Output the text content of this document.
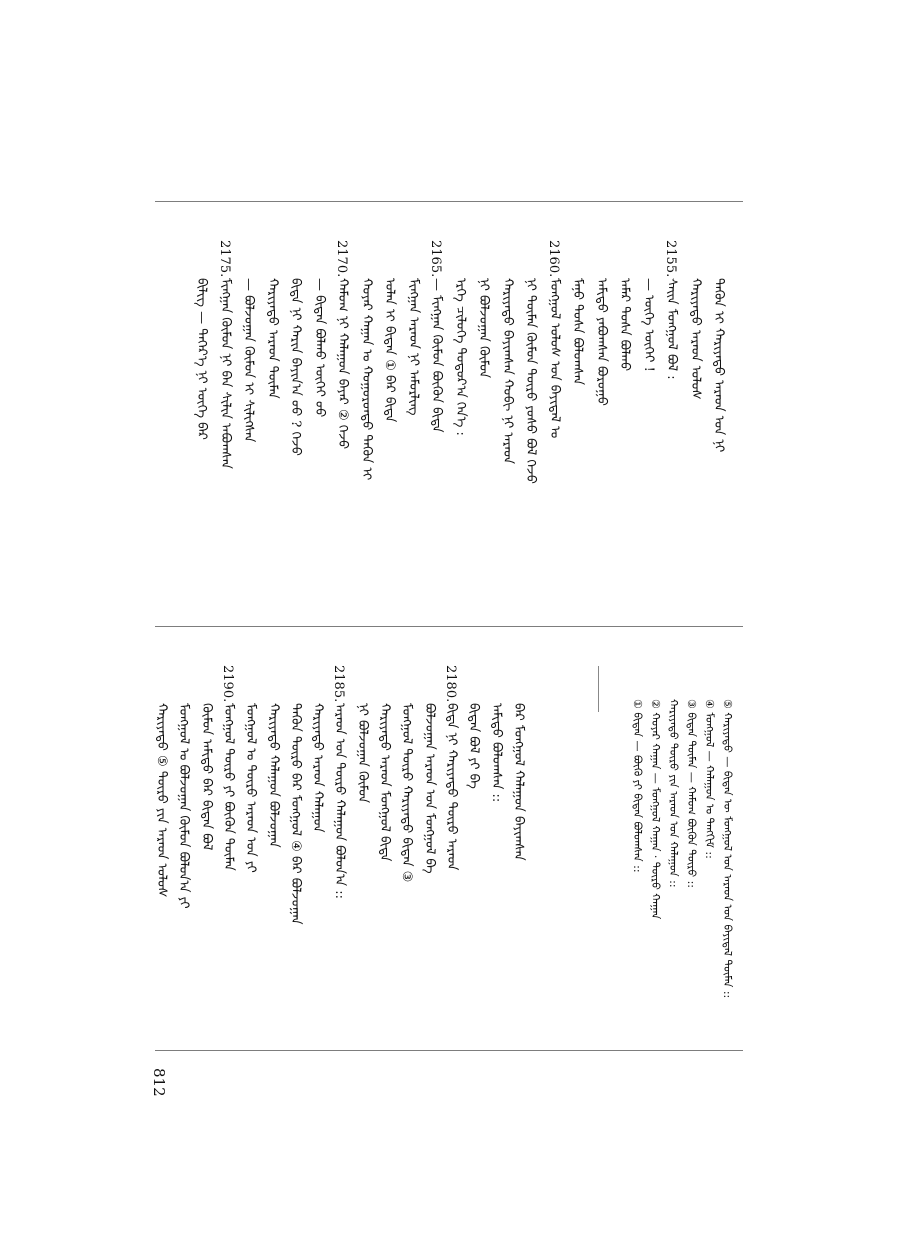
ᠪᠢᠯᠢᠭ — ᠳᠡᠭᠡᠷ᠎ᠡ ᠨᠢ ᠦᠭᠡ ᠪᠡᠷ ᠮᠢᠩᠭᠠᠨ ᠬᠦᠮᠦᠨ ᠨᠢ ᠪᠠᠨ ᠰᠢᠯᠢᠨ ᠠᠪᠤᠭᠰᠠᠨ
2175.
— ᠪᠣᠯᠵᠣᠭᠠᠨ ᠬᠦᠮᠦᠨ ᠢ ᠰᠢᠯᠢᠭᠰᠡᠨ ᠬᠠᠷᠢᠶᠠᠲᠤ ᠠᠷᠠᠳ ᠲᠦᠮᠡᠨ ᠪᠢᠳᠡ ᠨᠢ ᠬᠠᠷᠢᠨ ᠪᠠᠶᠢᠨ᠎ᠠ ᠦᠦ ? ᠭᠡᠵᠦ — ᠪᠢᠳᠡᠨ ᠪᠣᠯᠬᠤ ᠦᠭᠡᠢ ᠦᠦ ᠬᠠᠮᠤᠭ ᠨᠢ ᠬᠠᠯᠠᠭᠤᠨ ᠪᠠᠶᠠᠷ ② ᠭᠡᠵᠦ
2170.
ᠬᠣᠶᠠᠷ ᠬᠠᠭᠠᠨ ᠤ ᠬᠣᠭᠣᠷᠤᠨᠳᠤ ᠲᠡᠭᠦᠨ ᠢ ᠣᠯᠠᠨ ᠢ ᠪᠢᠳᠡᠨ ① ᠪᠡᠷ ᠪᠢᠳᠡ ᠮᠢᠩᠭᠠᠨ ᠠᠷᠠᠳ ᠨᠢ ᠠᠮᠤᠷᠯᠢᠩ — ᠮᠢᠩᠭᠠᠨ ᠬᠦᠮᠦᠨ ᠪᠦᠬᠦᠨ ᠪᠢᠳᠡ
2165.
ᠡᠷᠬᠡ ᠴᠢᠯᠦᠭᠡ ᠳᠣᠲᠣᠷ᠎ᠠ ᠭᠡᠨ᠎ᠡ : ᠨᠢ ᠪᠣᠯᠵᠣᠭᠠᠨ ᠬᠦᠮᠦᠨ ᠬᠠᠷᠢᠶᠠᠲᠤ ᠪᠠᠶᠢᠭᠰᠠᠨ ᠬᠤᠪᠢ ᠨᠢ ᠠᠷᠠᠳ ᠨᠢ ᠲᠦᠮᠡᠨ ᠬᠦᠮᠦᠨ ᠲᠦᠷᠦ ᠶᠣᠰᠤ ᠪᠣᠯ ᠭᠡᠵᠦ ᠮᠣᠩᠭᠣᠯ ᠤᠯᠤᠰ ᠤᠨ ᠪᠠᠶᠢᠳᠠᠯ ᠤ
2160.
ᠮᠠᠨᠤ ᠲᠤᠰᠠ ᠪᠣᠯᠤᠭᠰᠠᠨ ᠠᠮᠢᠳᠤ ᠶᠠᠪᠤᠭᠰᠠᠨ ᠪᠤᠷᠤᠭᠤ ᠠᠮᠠᠷ ᠲᠤᠰᠠ ᠪᠣᠯᠬᠤ — ᠦᠭᠡ ᠦᠭᠡᠢ ! ᠰᠠᠢᠨ ᠮᠣᠩᠭᠣᠯ ᠪᠣᠯ :
2155.
ᠬᠠᠷᠢᠶᠠᠲᠤ ᠠᠷᠠᠳ ᠤᠯᠤᠰ ᠲᠡᠭᠦᠨ ᠢ ᠬᠠᠷᠢᠶᠠᠲᠤ ᠠᠷᠠᠳ ᠤᠨ ᠨᠢ
⑤ ᠬᠠᠷᠢᠶᠠᠲᠤ — ᠪᠢᠳᠡᠨ ᠦ ᠮᠣᠩᠭᠣᠯ ᠤᠨ ᠠᠷᠠᠳ ᠤᠨ ᠪᠠᠶᠢᠳᠠᠯ ᠲᠦᠮᠡᠨ ::
④ ᠮᠣᠩᠭᠣᠯ — ᠬᠠᠯᠠᠭᠤᠨ ᠤ ᠲᠡᠩᠬᠢᠮ ::
③ ᠪᠢᠳᠡᠨ ᠲᠦᠮᠡᠨ — ᠬᠠᠮᠤᠭ ᠪᠦᠬᠦᠨ ᠲᠦᠷᠦ ::
ᠬᠠᠷᠢᠶᠠᠲᠤ ᠲᠦᠷᠦ ᠶᠢᠨ ᠠᠷᠠᠳ ᠤᠨ ᠬᠠᠯᠠᠭᠤᠨ ::
② ᠬᠣᠶᠠᠷ ᠬᠠᠭᠠᠨ — ᠮᠣᠩᠭᠣᠯ ᠬᠠᠭᠠᠨ · ᠲᠦᠷᠦ ᠬᠠᠭᠠᠨ
① ᠪᠢᠳᠡᠨ — ᠪᠦᠬᠦ ᠶᠢ ᠪᠢᠳᠡᠨ ᠪᠣᠯᠤᠭᠰᠠᠨ ::
ᠬᠠᠷᠢᠶᠠᠲᠤ ⑤ ᠲᠦᠷᠦ ᠶᠢᠨ ᠠᠷᠠᠳ ᠤᠯᠤᠰ ᠮᠣᠩᠭᠣᠯ ᠤ ᠪᠣᠯᠵᠣᠭᠠᠨ ᠬᠦᠮᠦᠨ ᠪᠣᠯᠤᠨ᠎ᠠ ᠶᠢ ᠬᠦᠮᠦᠨ ᠠᠮᠢᠳᠤ ᠪᠡᠷ ᠪᠢᠳᠡᠨ ᠪᠣᠯ ᠮᠣᠩᠭᠣᠯ ᠲᠦᠷᠦ ᠶᠢ ᠪᠦᠬᠦᠨ ᠲᠦᠮᠡᠨ
2190.
ᠮᠣᠩᠭᠣᠯ ᠤ ᠲᠦᠷᠦ ᠠᠷᠠᠳ ᠤᠨ ᠶᠢ ᠬᠠᠷᠢᠶᠠᠲᠤ ᠬᠠᠯᠠᠭᠤᠨ ᠪᠣᠯᠵᠣᠭᠠᠨ ᠲᠡᠭᠦᠨ ᠲᠦᠷᠦ ᠪᠡᠷ ᠮᠣᠩᠭᠣᠯ ④ ᠪᠡᠷ ᠪᠣᠯᠵᠣᠭᠠᠨ ᠬᠠᠷᠢᠶᠠᠲᠤ ᠠᠷᠠᠳ ᠬᠠᠯᠠᠭᠤᠨ ᠠᠷᠠᠳ ᠤᠨ ᠲᠦᠷᠦ ᠬᠠᠯᠠᠭᠤᠨ ᠪᠣᠯᠤᠨ᠎ᠠ ::
2185.
ᠨᠢ ᠪᠣᠯᠵᠣᠭᠠᠨ ᠬᠦᠮᠦᠨ ᠬᠠᠷᠢᠶᠠᠲᠤ ᠠᠷᠠᠳ ᠮᠣᠩᠭᠣᠯ ᠪᠢᠳᠡ ᠮᠣᠩᠭᠣᠯ ᠲᠦᠷᠦ ᠬᠠᠷᠢᠶᠠᠲᠤ ᠪᠢᠳᠡᠨ ③ ᠪᠣᠯᠵᠣᠭᠠᠨ ᠠᠷᠠᠳ ᠤᠨ ᠮᠣᠩᠭᠣᠯ ᠪᠡ ᠪᠢᠳᠡ ᠨᠢ ᠬᠠᠷᠢᠶᠠᠲᠤ ᠲᠦᠷᠦ ᠠᠷᠠᠳ
2180.
ᠪᠢᠳᠡᠨ ᠪᠣᠯ ᠶᠢ ᠪᠡ ᠠᠮᠢᠳᠤ ᠪᠣᠯᠤᠭᠰᠠᠨ :: ᠪᠠᠷ ᠮᠣᠩᠭᠣᠯ ᠬᠠᠯᠠᠭᠤᠨ ᠪᠠᠶᠢᠭᠰᠠᠨ
812
